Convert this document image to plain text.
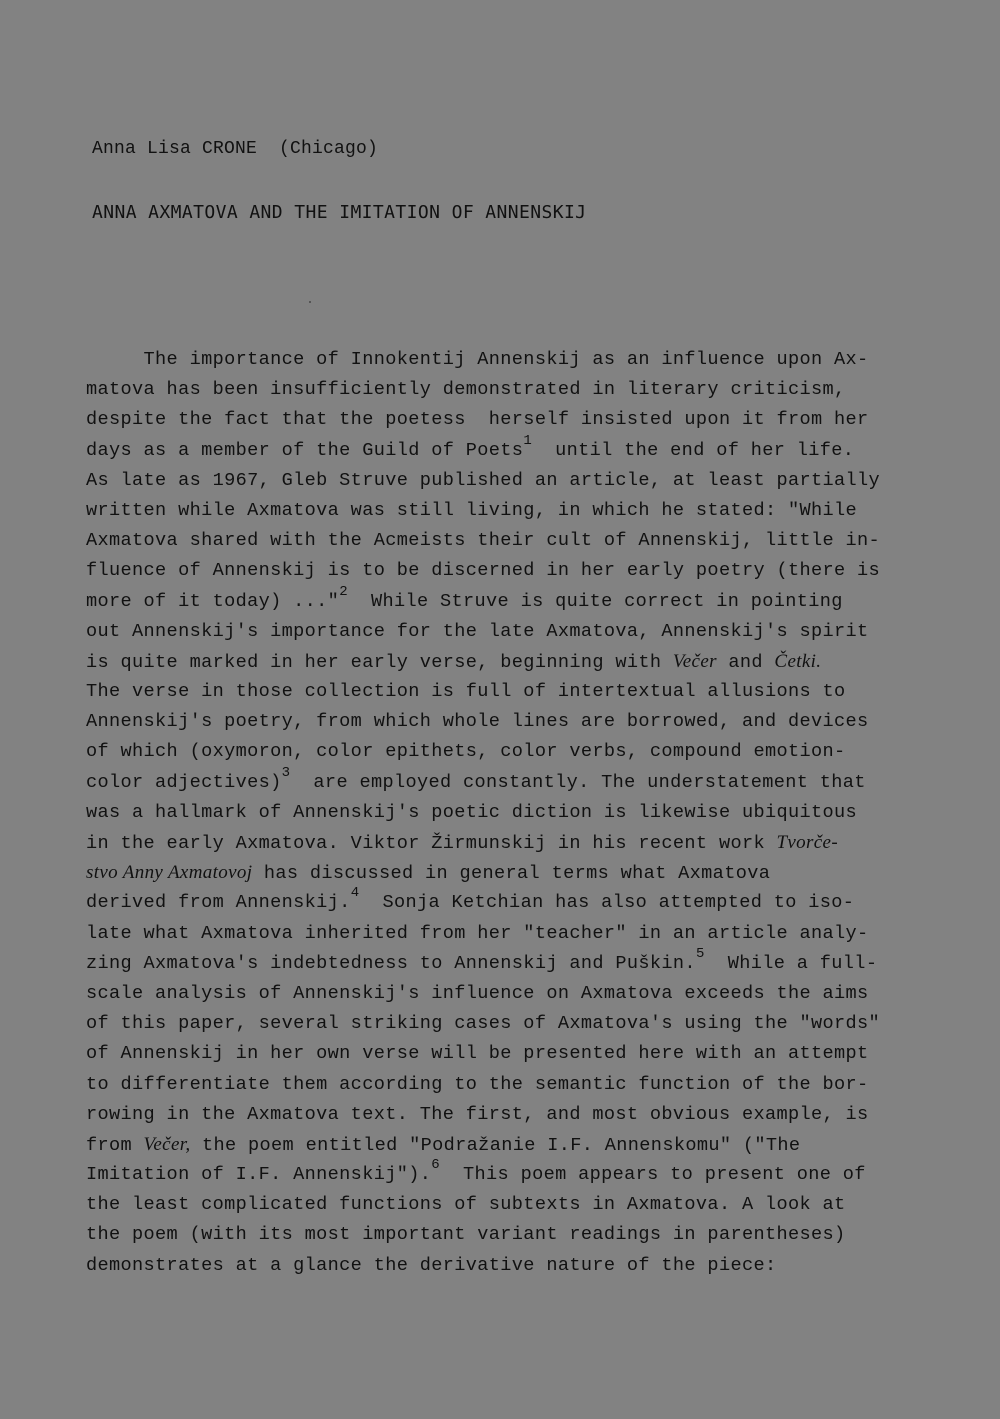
Anna Lisa CRONE (Chicago)
ANNA AXMATOVA AND THE IMITATION OF ANNENSKIJ
The importance of Innokentij Annenskij as an influence upon Ax-
matova has been insufficiently demonstrated in literary criticism,
despite the fact that the poetess  herself insisted upon it from her
days as a member of the Guild of Poets$^1$  until the end of her life.
As late as 1967, Gleb Struve published an article, at least partially
written while Axmatova was still living, in which he stated: "While
Axmatova shared with the Acmeists their cult of Annenskij, little in-
fluence of Annenskij is to be discerned in her early poetry (there is
more of it today) ..."$^2$  While Struve is quite correct in pointing
out Annenskij's importance for the late Axmatova, Annenskij's spirit
is quite marked in her early verse, beginning with Večer and Četki.
The verse in those collection is full of intertextual allusions to
Annenskij's poetry, from which whole lines are borrowed, and devices
of which (oxymoron, color epithets, color verbs, compound emotion-
color adjectives)$^3$  are employed constantly. The understatement that
was a hallmark of Annenskij's poetic diction is likewise ubiquitous
in the early Axmatova. Viktor Žirmunskij in his recent work Tvorče-
stvo Anny Axmatovoj has discussed in general terms what Axmatova
derived from Annenskij.$^4$  Sonja Ketchian has also attempted to iso-
late what Axmatova inherited from her "teacher" in an article analy-
zing Axmatova's indebtedness to Annenskij and Puškin.$^5$  While a full-
scale analysis of Annenskij's influence on Axmatova exceeds the aims
of this paper, several striking cases of Axmatova's using the "words"
of Annenskij in her own verse will be presented here with an attempt
to differentiate them according to the semantic function of the bor-
rowing in the Axmatova text. The first, and most obvious example, is
from Večer, the poem entitled "Podražanie I.F. Annenskomu" ("The
Imitation of I.F. Annenskij").$^6$  This poem appears to present one of
the least complicated functions of subtexts in Axmatova. A look at
the poem (with its most important variant readings in parentheses)
demonstrates at a glance the derivative nature of the piece:
